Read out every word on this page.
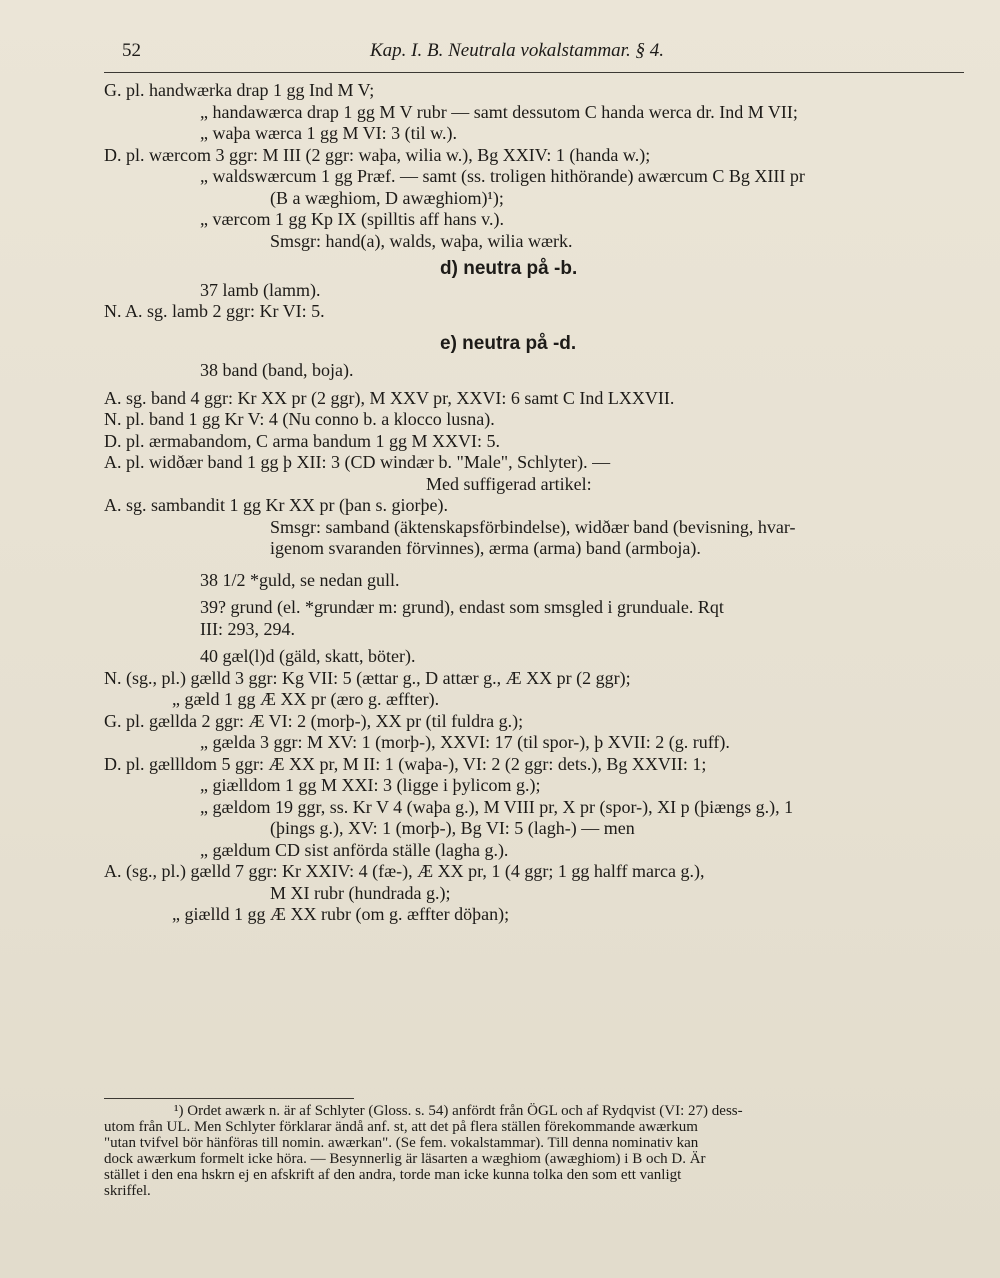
52	Kap. I. B. Neutrala vokalstammar. § 4.
G. pl. handwærka drap 1 gg Ind M V;
„ handawærca drap 1 gg M V rubr — samt dessutom C handa werca dr. Ind M VII;
„ waþa wærca 1 gg M VI: 3 (til w.).
D. pl. wærcom 3 ggr: M III (2 ggr: waþa, wilia w.), Bg XXIV: 1 (handa w.);
„ waldswærcum 1 gg Præf. — samt (ss. troligen hithörande) awærcum C Bg XIII pr
(B a wæghiom, D awæghiom)¹);
„ værcom 1 gg Kp IX (spilltis aff hans v.).
Smsgr: hand(a), walds, waþa, wilia wærk.
d) neutra på -b.
37 lamb (lamm).
N. A. sg. lamb 2 ggr: Kr VI: 5.
e) neutra på -d.
38 band (band, boja).
A. sg. band 4 ggr: Kr XX pr (2 ggr), M XXV pr, XXVI: 6 samt C Ind LXXVII.
N. pl. band 1 gg Kr V: 4 (Nu conno b. a klocco lusna).
D. pl. ærmabandom, C arma bandum 1 gg M XXVI: 5.
A. pl. widðær band 1 gg þ XII: 3 (CD windær b. "Male", Schlyter). —
Med suffigerad artikel:
A. sg. sambandit 1 gg Kr XX pr (þan s. giorþe).
Smsgr: samband (äktenskapsförbindelse), widðær band (bevisning, hvar-
igenom svaranden förvinnes), ærma (arma) band (armboja).
38 1/2 *guld, se nedan gull.
39? grund (el. *grundær m: grund), endast som smsgled i grunduale. Rqt
III: 293, 294.
40 gæl(l)d (gäld, skatt, böter).
N. (sg., pl.) gælld 3 ggr: Kg VII: 5 (ættar g., D attær g., Æ XX pr (2 ggr);
„ gæld 1 gg Æ XX pr (æro g. æffter).
G. pl. gællda 2 ggr: Æ VI: 2 (morþ-), XX pr (til fuldra g.);
„ gælda 3 ggr: M XV: 1 (morþ-), XXVI: 17 (til spor-), þ XVII: 2 (g. ruff).
D. pl. gællldom 5 ggr: Æ XX pr, M II: 1 (waþa-), VI: 2 (2 ggr: dets.), Bg XXVII: 1;
„ giælldom 1 gg M XXI: 3 (ligge i þylicom g.);
„ gældom 19 ggr, ss. Kr V 4 (waþa g.), M VIII pr, X pr (spor-), XI p (þiængs g.), 1
(þings g.), XV: 1 (morþ-), Bg VI: 5 (lagh-) — men
„ gældum CD sist anförda ställe (lagha g.).
A. (sg., pl.) gælld 7 ggr: Kr XXIV: 4 (fæ-), Æ XX pr, 1 (4 ggr; 1 gg halff marca g.),
M XI rubr (hundrada g.);
„ giælld 1 gg Æ XX rubr (om g. æffter döþan);
¹) Ordet awærk n. är af Schlyter (Gloss. s. 54) anfördt från ÖGL och af Rydqvist (VI: 27) dess-
utom från UL. Men Schlyter förklarar ändå anf. st, att det på flera ställen förekommande awærkum
"utan tvifvel bör hänföras till nomin. awærkan". (Se fem. vokalstammar). Till denna nominativ kan
dock awærkum formelt icke höra. — Besynnerlig är läsarten a wæghiom (awæghiom) i B och D. Är
stället i den ena hskrn ej en afskrift af den andra, torde man icke kunna tolka den som ett vanligt
skriffel.
